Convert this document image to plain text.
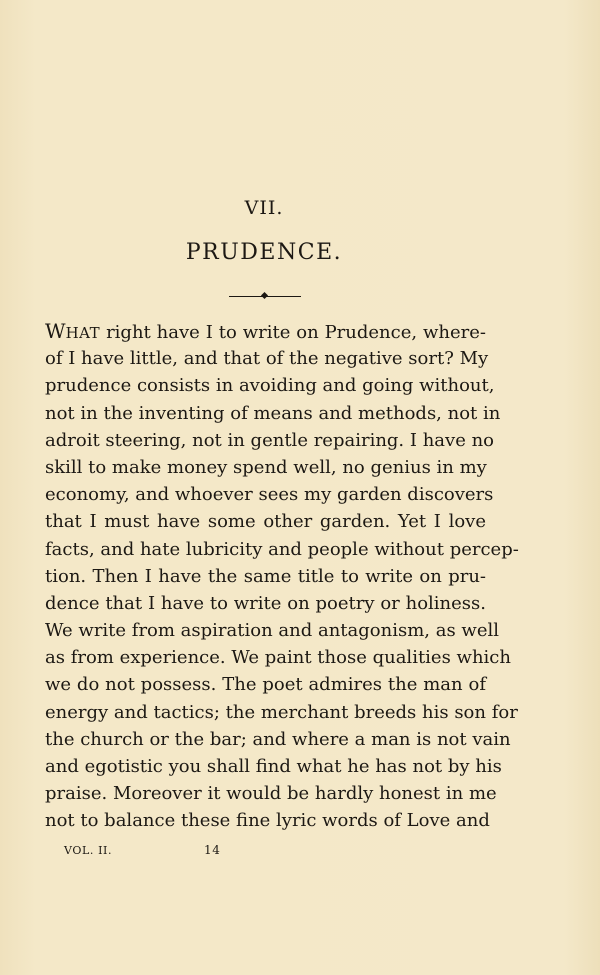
VII.
PRUDENCE.
WHAT right have I to write on Prudence, where-
of I have little, and that of the negative sort? My
prudence consists in avoiding and going without,
not in the inventing of means and methods, not in
adroit steering, not in gentle repairing. I have no
skill to make money spend well, no genius in my
economy, and whoever sees my garden discovers
that I must have some other garden. Yet I love
facts, and hate lubricity and people without percep-
tion. Then I have the same title to write on pru-
dence that I have to write on poetry or holiness.
We write from aspiration and antagonism, as well
as from experience. We paint those qualities which
we do not possess. The poet admires the man of
energy and tactics; the merchant breeds his son for
the church or the bar; and where a man is not vain
and egotistic you shall find what he has not by his
praise. Moreover it would be hardly honest in me
not to balance these fine lyric words of Love and
VOL. II.	14
